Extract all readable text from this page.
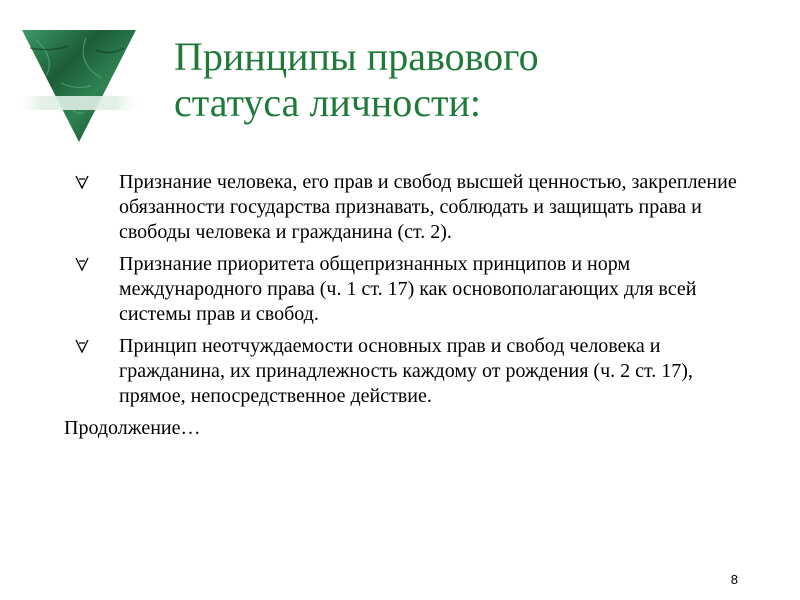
Принципы правового
статуса личности:
Признание человека, его прав и свобод высшей ценностью, закрепление обязанности государства признавать, соблюдать и защищать права и свободы человека и гражданина (ст. 2).
Признание приоритета общепризнанных принципов и норм международного права (ч. 1 ст. 17) как основополагающих для всей системы прав и свобод.
Принцип неотчуждаемости основных прав и свобод человека и гражданина, их принадлежность каждому от рождения (ч. 2 ст. 17), прямое, непосредственное действие.

Продолжение…

8
